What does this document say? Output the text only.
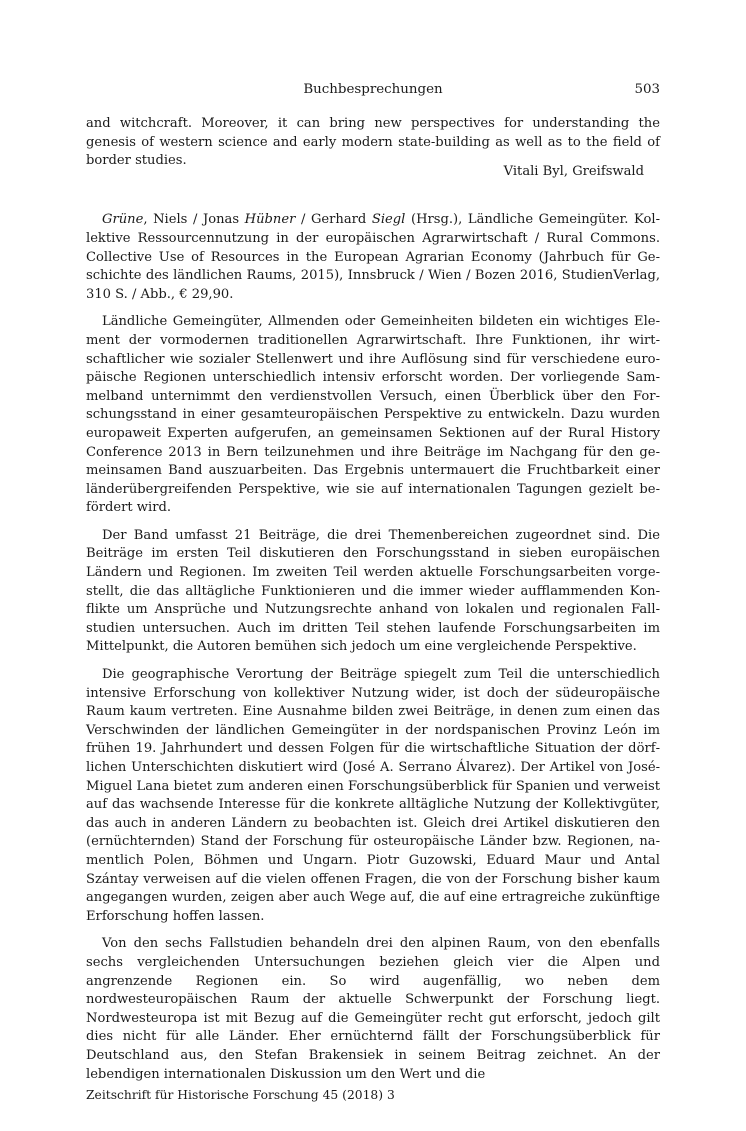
Buchbesprechungen	503

and witchcraft. Moreover, it can bring new perspectives for understanding the genesis of western science and early modern state-building as well as to the field of border studies.

Vitali Byl, Greifswald

Grüne, Niels / Jonas Hübner / Gerhard Siegl (Hrsg.), Ländliche Gemeingüter. Kollektive Ressourcennutzung in der europäischen Agrarwirtschaft / Rural Commons. Collective Use of Resources in the European Agrarian Economy (Jahrbuch für Geschichte des ländlichen Raums, 2015), Innsbruck / Wien / Bozen 2016, StudienVerlag, 310 S. / Abb., € 29,90.

Ländliche Gemeingüter, Allmenden oder Gemeinheiten bildeten ein wichtiges Element der vormodernen traditionellen Agrarwirtschaft. Ihre Funktionen, ihr wirtschaftlicher wie sozialer Stellenwert und ihre Auflösung sind für verschiedene europäische Regionen unterschiedlich intensiv erforscht worden. Der vorliegende Sammelband unternimmt den verdienstvollen Versuch, einen Überblick über den Forschungsstand in einer gesamteuropäischen Perspektive zu entwickeln. Dazu wurden europaweit Experten aufgerufen, an gemeinsamen Sektionen auf der Rural History Conference 2013 in Bern teilzunehmen und ihre Beiträge im Nachgang für den gemeinsamen Band auszuarbeiten. Das Ergebnis untermauert die Fruchtbarkeit einer länderübergreifenden Perspektive, wie sie auf internationalen Tagungen gezielt befördert wird.

Der Band umfasst 21 Beiträge, die drei Themenbereichen zugeordnet sind. Die Beiträge im ersten Teil diskutieren den Forschungsstand in sieben europäischen Ländern und Regionen. Im zweiten Teil werden aktuelle Forschungsarbeiten vorgestellt, die das alltägliche Funktionieren und die immer wieder aufflammenden Konflikte um Ansprüche und Nutzungsrechte anhand von lokalen und regionalen Fallstudien untersuchen. Auch im dritten Teil stehen laufende Forschungsarbeiten im Mittelpunkt, die Autoren bemühen sich jedoch um eine vergleichende Perspektive.

Die geographische Verortung der Beiträge spiegelt zum Teil die unterschiedlich intensive Erforschung von kollektiver Nutzung wider, ist doch der südeuropäische Raum kaum vertreten. Eine Ausnahme bilden zwei Beiträge, in denen zum einen das Verschwinden der ländlichen Gemeingüter in der nordspanischen Provinz León im frühen 19. Jahrhundert und dessen Folgen für die wirtschaftliche Situation der dörflichen Unterschichten diskutiert wird (José A. Serrano Álvarez). Der Artikel von José-Miguel Lana bietet zum anderen einen Forschungsüberblick für Spanien und verweist auf das wachsende Interesse für die konkrete alltägliche Nutzung der Kollektivgüter, das auch in anderen Ländern zu beobachten ist. Gleich drei Artikel diskutieren den (ernüchternden) Stand der Forschung für osteuropäische Länder bzw. Regionen, namentlich Polen, Böhmen und Ungarn. Piotr Guzowski, Eduard Maur und Antal Szántay verweisen auf die vielen offenen Fragen, die von der Forschung bisher kaum angegangen wurden, zeigen aber auch Wege auf, die auf eine ertragreiche zukünftige Erforschung hoffen lassen.

Von den sechs Fallstudien behandeln drei den alpinen Raum, von den ebenfalls sechs vergleichenden Untersuchungen beziehen gleich vier die Alpen und angrenzende Regionen ein. So wird augenfällig, wo neben dem nordwesteuropäischen Raum der aktuelle Schwerpunkt der Forschung liegt. Nordwesteuropa ist mit Bezug auf die Gemeingüter recht gut erforscht, jedoch gilt dies nicht für alle Länder. Eher ernüchternd fällt der Forschungsüberblick für Deutschland aus, den Stefan Brakensiek in seinem Beitrag zeichnet. An der lebendigen internationalen Diskussion um den Wert und die

Zeitschrift für Historische Forschung 45 (2018) 3
